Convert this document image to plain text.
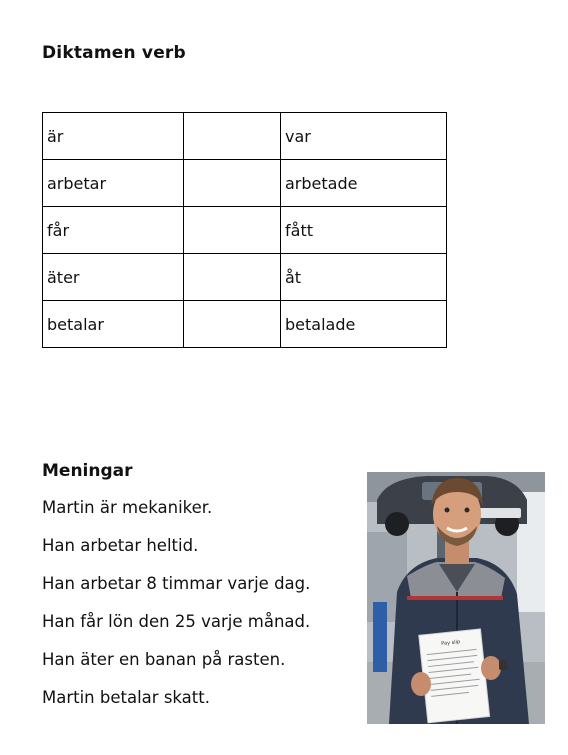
Diktamen verb
är		var
arbetar		arbetade
får		fått
äter		åt
betalar		betalade
Meningar
Martin är mekaniker.
Han arbetar heltid.
Han arbetar 8 timmar varje dag.
Han får lön den 25 varje månad.
Han äter en banan på rasten.
Martin betalar skatt.
Pay slip
